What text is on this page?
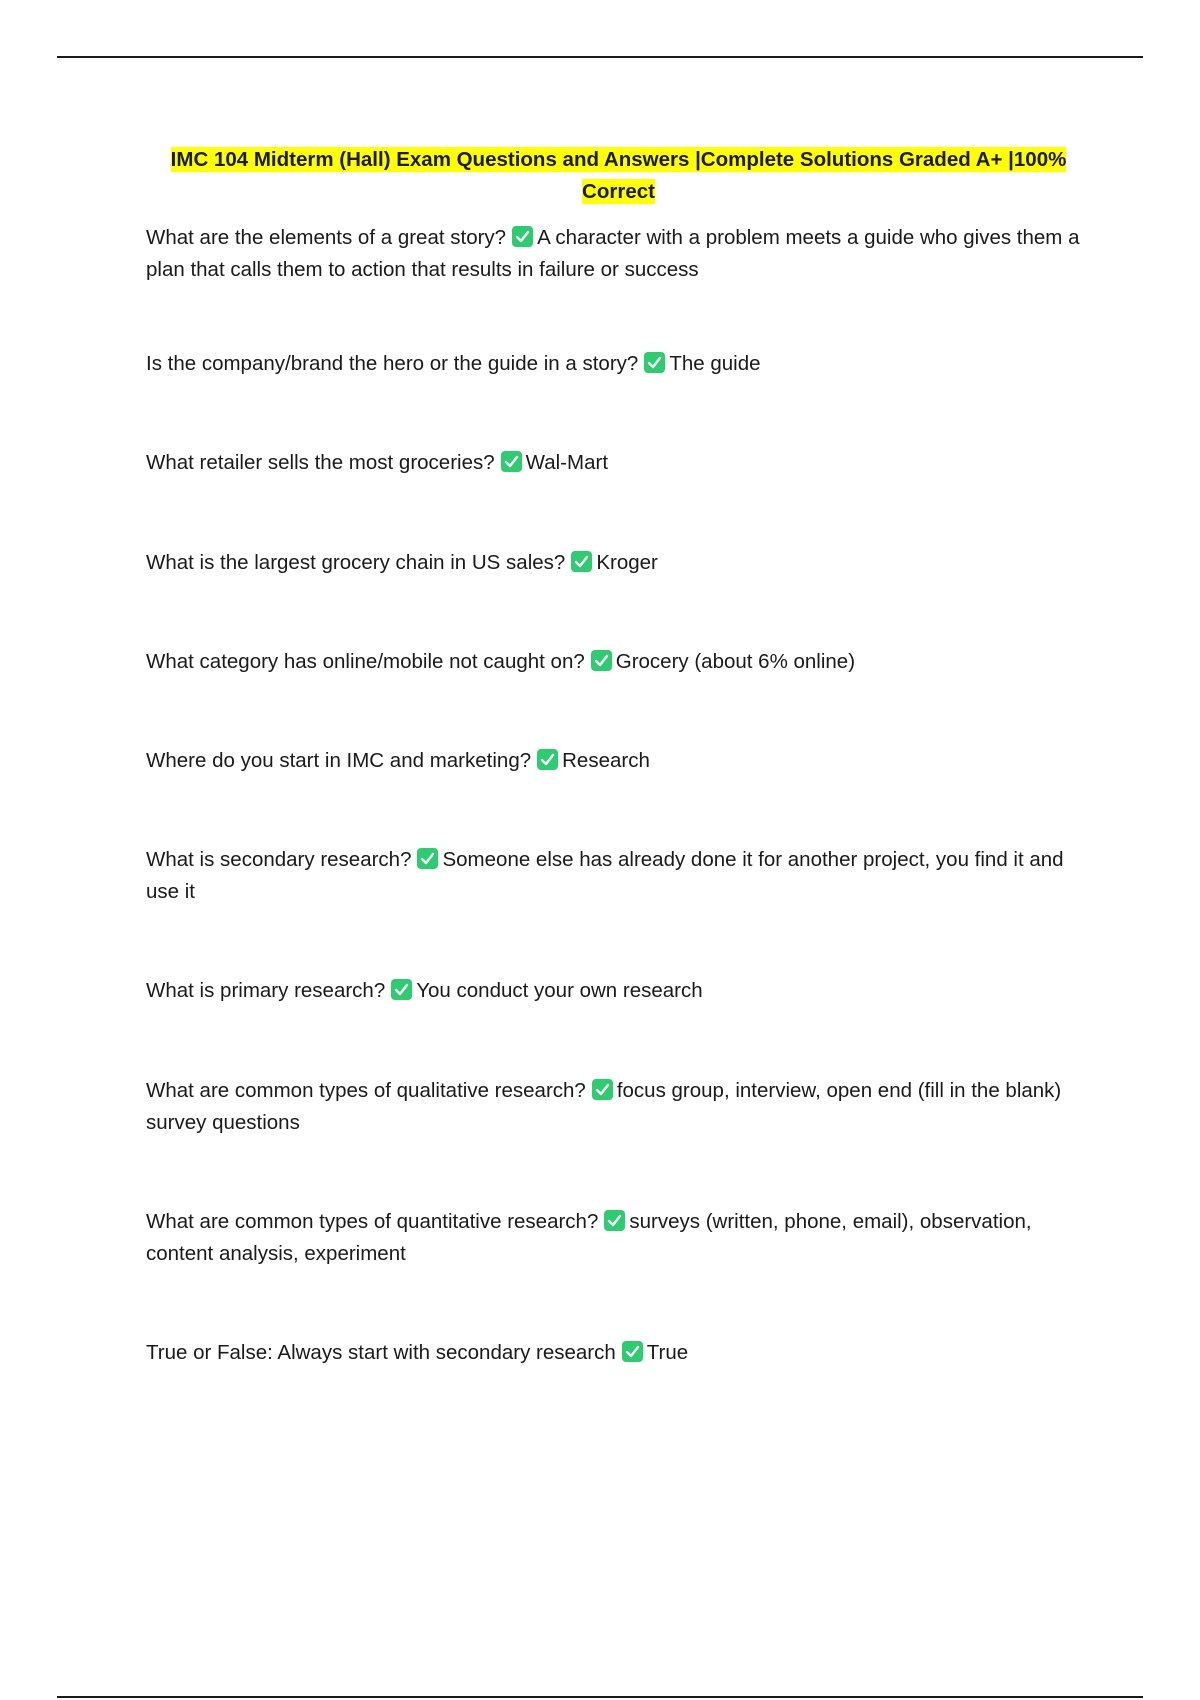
IMC 104 Midterm (Hall) Exam Questions and Answers |Complete Solutions Graded A+ |100% Correct

What are the elements of a great story? A character with a problem meets a guide who gives them a plan that calls them to action that results in failure or success

Is the company/brand the hero or the guide in a story? The guide

What retailer sells the most groceries? Wal-Mart

What is the largest grocery chain in US sales? Kroger

What category has online/mobile not caught on? Grocery (about 6% online)

Where do you start in IMC and marketing? Research

What is secondary research? Someone else has already done it for another project, you find it and use it

What is primary research? You conduct your own research

What are common types of qualitative research? focus group, interview, open end (fill in the blank) survey questions

What are common types of quantitative research? surveys (written, phone, email), observation, content analysis, experiment

True or False: Always start with secondary research True
